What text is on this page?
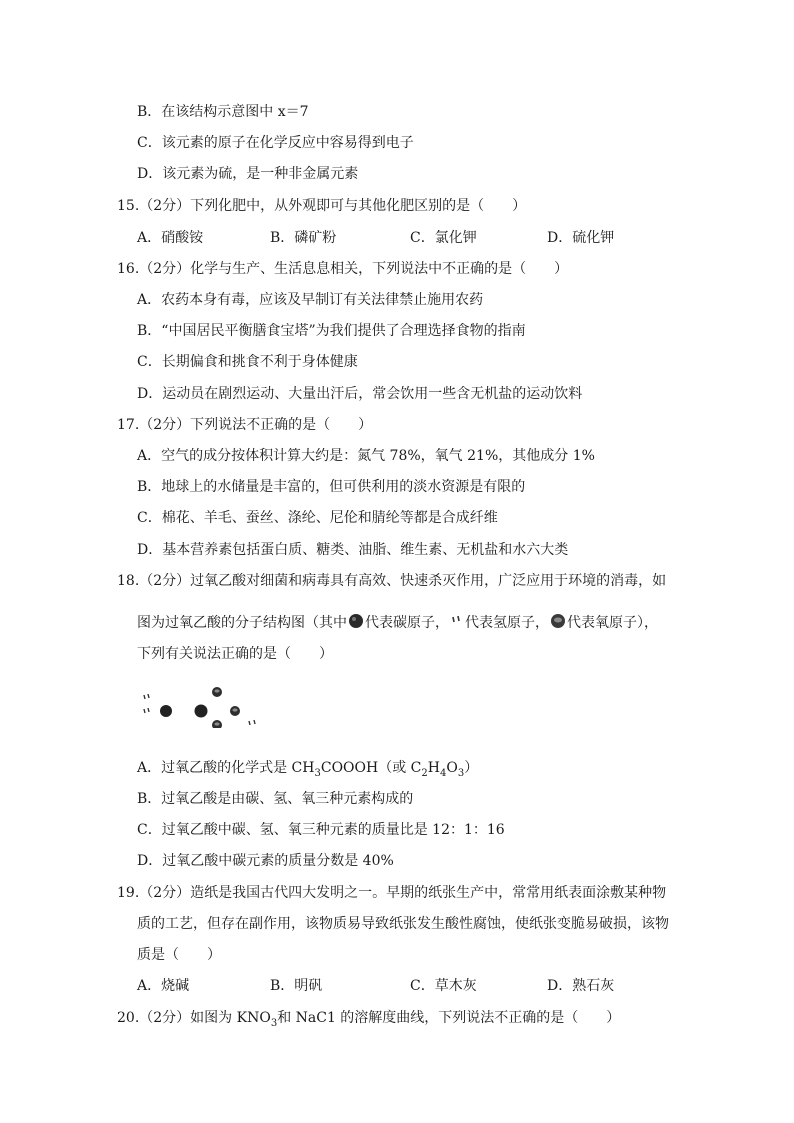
B．在该结构示意图中 x＝7
C．该元素的原子在化学反应中容易得到电子
D．该元素为硫，是一种非金属元素
15.（2分）下列化肥中，从外观即可与其他化肥区别的是（　　）
A．硝酸铵	B．磷矿粉	C．氯化钾	D．硫化钾
16.（2分）化学与生产、生活息息相关，下列说法中不正确的是（　　）
A．农药本身有毒，应该及早制订有关法律禁止施用农药
B．“中国居民平衡膳食宝塔”为我们提供了合理选择食物的指南
C．长期偏食和挑食不利于身体健康
D．运动员在剧烈运动、大量出汗后，常会饮用一些含无机盐的运动饮料
17.（2分）下列说法不正确的是（　　）
A．空气的成分按体积计算大约是：氮气 78%，氧气 21%，其他成分 1%
B．地球上的水储量是丰富的，但可供利用的淡水资源是有限的
C．棉花、羊毛、蚕丝、涤纶、尼伦和腈纶等都是合成纤维
D．基本营养素包括蛋白质、糖类、油脂、维生素、无机盐和水六大类
18.（2分）过氧乙酸对细菌和病毒具有高效、快速杀灭作用，广泛应用于环境的消毒，如
图为过氧乙酸的分子结构图（其中 代表碳原子， 代表氢原子， 代表氧原子），
下列有关说法正确的是（　　）
A．过氧乙酸的化学式是 $CH_3COOOH$（或 $C_2H_4O_3$）
B．过氧乙酸是由碳、氢、氧三种元素构成的
C．过氧乙酸中碳、氢、氧三种元素的质量比是 12：1：16
D．过氧乙酸中碳元素的质量分数是 40%
19.（2分）造纸是我国古代四大发明之一。早期的纸张生产中，常常用纸表面涂敷某种物
质的工艺，但存在副作用，该物质易导致纸张发生酸性腐蚀，使纸张变脆易破损，该物
质是（　　）
A．烧碱	B．明矾	C．草木灰	D．熟石灰
20.（2分）如图为 $KNO_3$和 NaC1 的溶解度曲线，下列说法不正确的是（　　）
